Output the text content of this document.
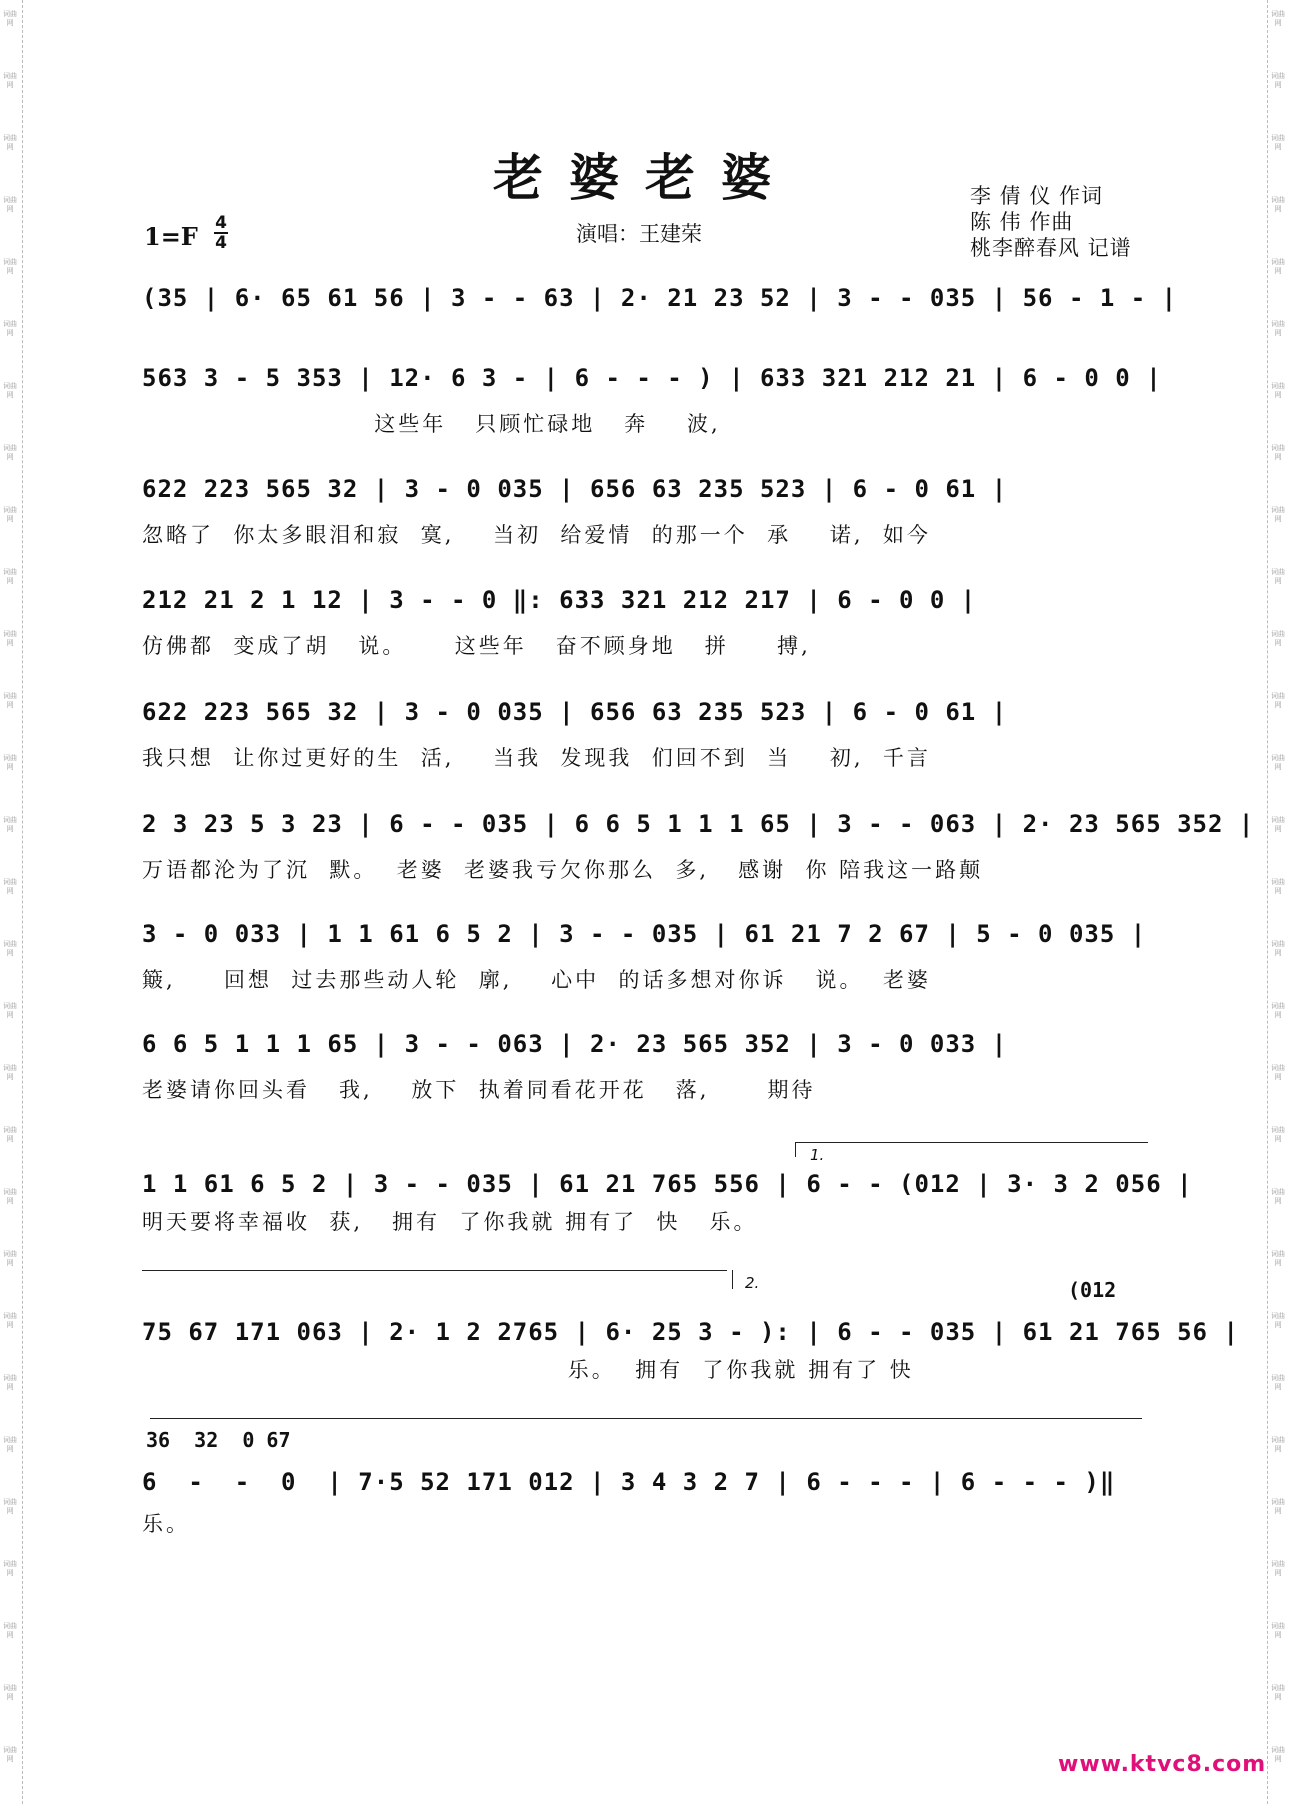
词曲网
词曲网
词曲网
词曲网
词曲网
词曲网
词曲网
词曲网
词曲网
词曲网
词曲网
词曲网
词曲网
词曲网
词曲网
词曲网
词曲网
词曲网
词曲网
词曲网
词曲网
词曲网
词曲网
词曲网
词曲网
词曲网
词曲网
词曲网
词曲网
词曲网
词曲网
词曲网
词曲网
词曲网
词曲网
词曲网
词曲网
词曲网
词曲网
词曲网
词曲网
词曲网
词曲网
词曲网
词曲网
词曲网
词曲网
词曲网
词曲网
词曲网
词曲网
词曲网
词曲网
词曲网
词曲网
词曲网
词曲网
词曲网
老婆老婆
1=F 4
4	演唱：王建荣
李 倩 仪 作词
陈 伟 作曲
桃李醉春风 记谱
(35 | 6· 65 61 56 | 3 - - 63 | 2· 21 23 52 | 3 - - 035 | 56 - 1 - |
563 3 - 5 353 | 12· 6 3 - | 6 - - - ) | 633 321 212 21 | 6 - 0 0 |
这些年   只顾忙碌地   奔    波,
622 223 565 32 | 3 - 0 035 | 656 63 235 523 | 6 - 0 61 |
忽略了  你太多眼泪和寂  寞,    当初  给爱情  的那一个  承    诺,  如今
212 21 2 1 12 | 3 - - 0 ‖: 633 321 212 217 | 6 - 0 0 |
仿佛都  变成了胡   说。     这些年   奋不顾身地   拼     搏,
622 223 565 32 | 3 - 0 035 | 656 63 235 523 | 6 - 0 61 |
我只想  让你过更好的生  活,    当我  发现我  们回不到  当    初,  千言
2 3 23 5 3 23 | 6 - - 035 | 6 6 5 1 1 1 65 | 3 - - 063 | 2· 23 565 352 |
万语都沦为了沉  默。  老婆  老婆我亏欠你那么  多,   感谢  你 陪我这一路颠
3 - 0 033 | 1 1 61 6 5 2 | 3 - - 035 | 61 21 7 2 67 | 5 - 0 035 |
簸,     回想  过去那些动人轮  廓,    心中  的话多想对你诉   说。  老婆
6 6 5 1 1 1 65 | 3 - - 063 | 2· 23 565 352 | 3 - 0 033 |
老婆请你回头看   我,    放下  执着同看花开花   落,      期待
1.
1 1 61 6 5 2 | 3 - - 035 | 61 21 765 556 | 6 - - (012 | 3· 3 2 056 |
明天要将幸福收  获,   拥有  了你我就 拥有了  快   乐。
2.	(012
75 67 171 063 | 2· 1 2 2765 | 6· 25 3 - ): | 6 - - 035 | 61 21 765 56 |
乐。  拥有  了你我就 拥有了 快
36  32  0 67
6  -  -  0  | 7·5 52 171 012 | 3 4 3 2 7 | 6 - - - | 6 - - - )‖
乐。
www.ktvc8.com
